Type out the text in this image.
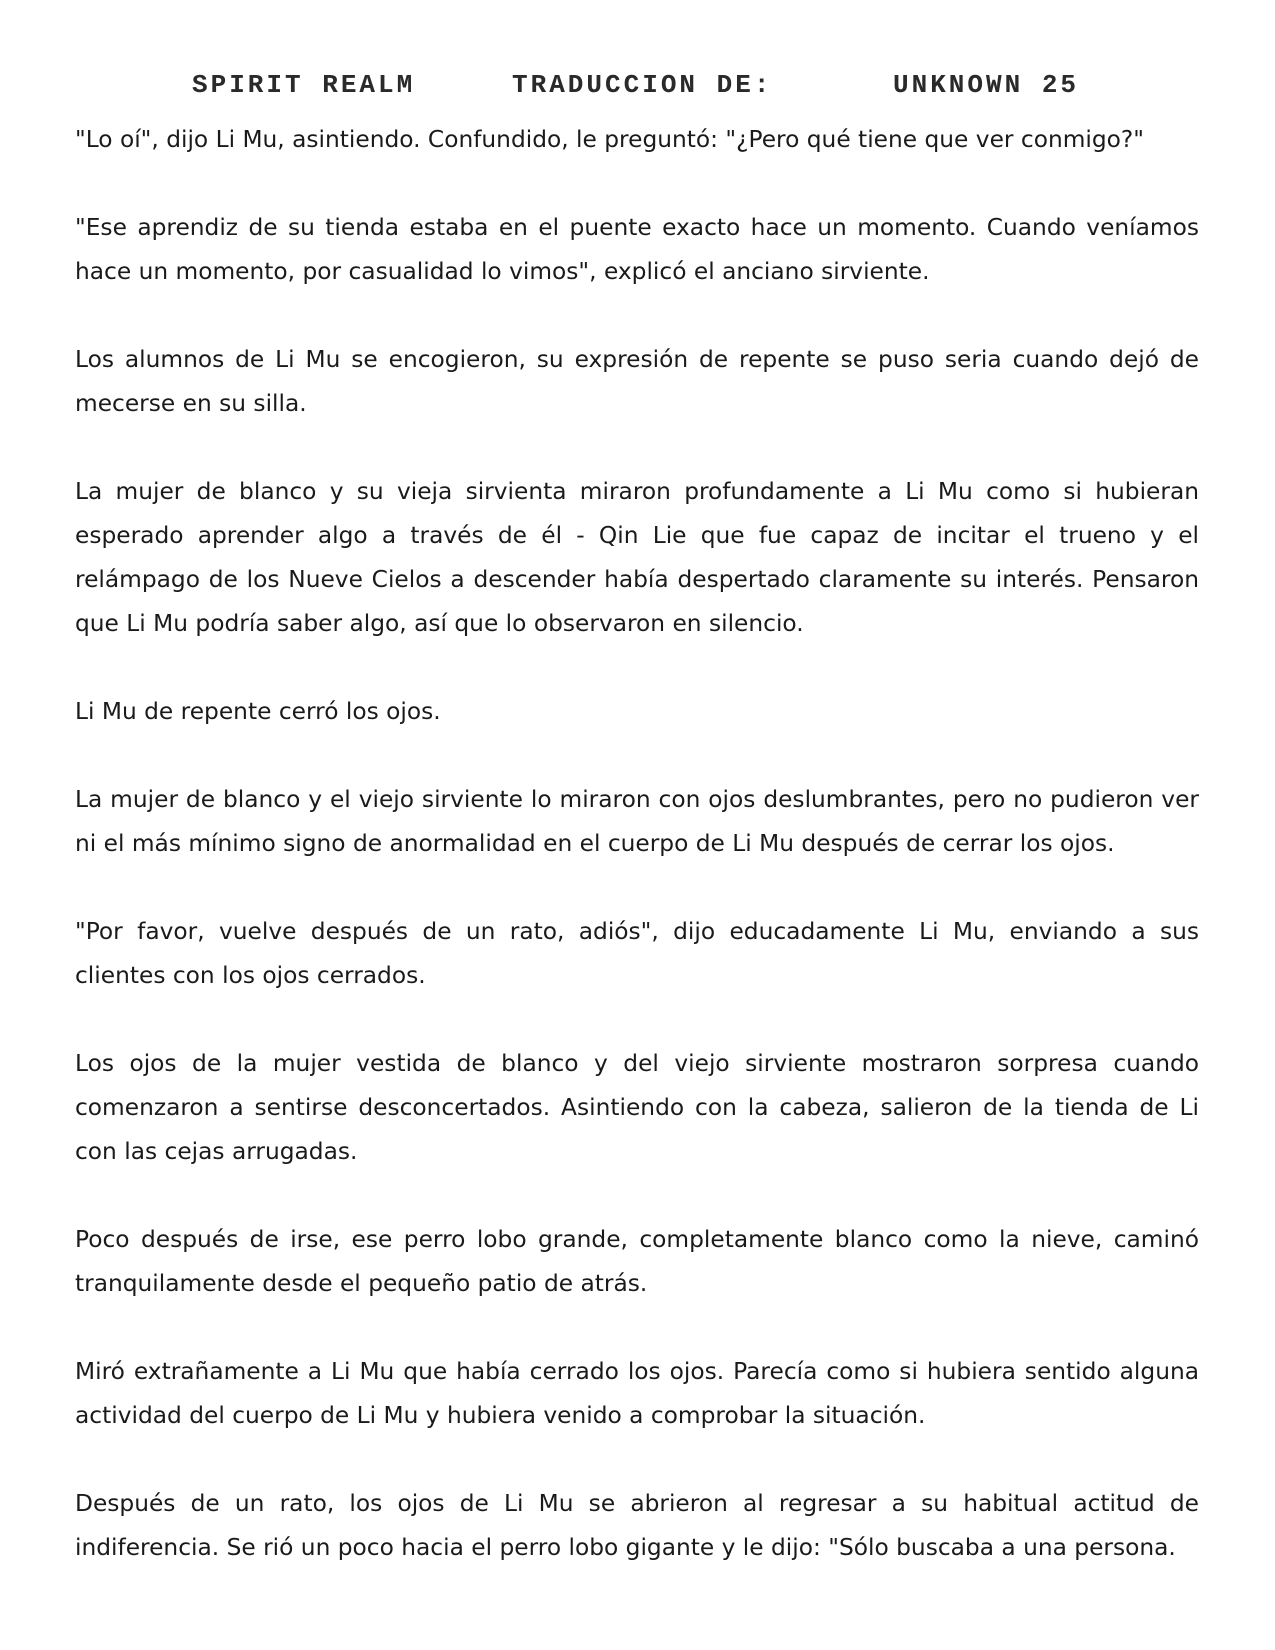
SPIRIT REALM	TRADUCCION DE:	UNKNOWN 25

"Lo oí", dijo Li Mu, asintiendo. Confundido, le preguntó: "¿Pero qué tiene que ver conmigo?"

"Ese aprendiz de su tienda estaba en el puente exacto hace un momento. Cuando veníamos hace un momento, por casualidad lo vimos", explicó el anciano sirviente.

Los alumnos de Li Mu se encogieron, su expresión de repente se puso seria cuando dejó de mecerse en su silla.

La mujer de blanco y su vieja sirvienta miraron profundamente a Li Mu como si hubieran esperado aprender algo a través de él - Qin Lie que fue capaz de incitar el trueno y el relámpago de los Nueve Cielos a descender había despertado claramente su interés. Pensaron que Li Mu podría saber algo, así que lo observaron en silencio.

Li Mu de repente cerró los ojos.

La mujer de blanco y el viejo sirviente lo miraron con ojos deslumbrantes, pero no pudieron ver ni el más mínimo signo de anormalidad en el cuerpo de Li Mu después de cerrar los ojos.

"Por favor, vuelve después de un rato, adiós", dijo educadamente Li Mu, enviando a sus clientes con los ojos cerrados.

Los ojos de la mujer vestida de blanco y del viejo sirviente mostraron sorpresa cuando comenzaron a sentirse desconcertados. Asintiendo con la cabeza, salieron de la tienda de Li con las cejas arrugadas.

Poco después de irse, ese perro lobo grande, completamente blanco como la nieve, caminó tranquilamente desde el pequeño patio de atrás.

Miró extrañamente a Li Mu que había cerrado los ojos. Parecía como si hubiera sentido alguna actividad del cuerpo de Li Mu y hubiera venido a comprobar la situación.

Después de un rato, los ojos de Li Mu se abrieron al regresar a su habitual actitud de indiferencia. Se rió un poco hacia el perro lobo gigante y le dijo: "Sólo buscaba a una persona.
